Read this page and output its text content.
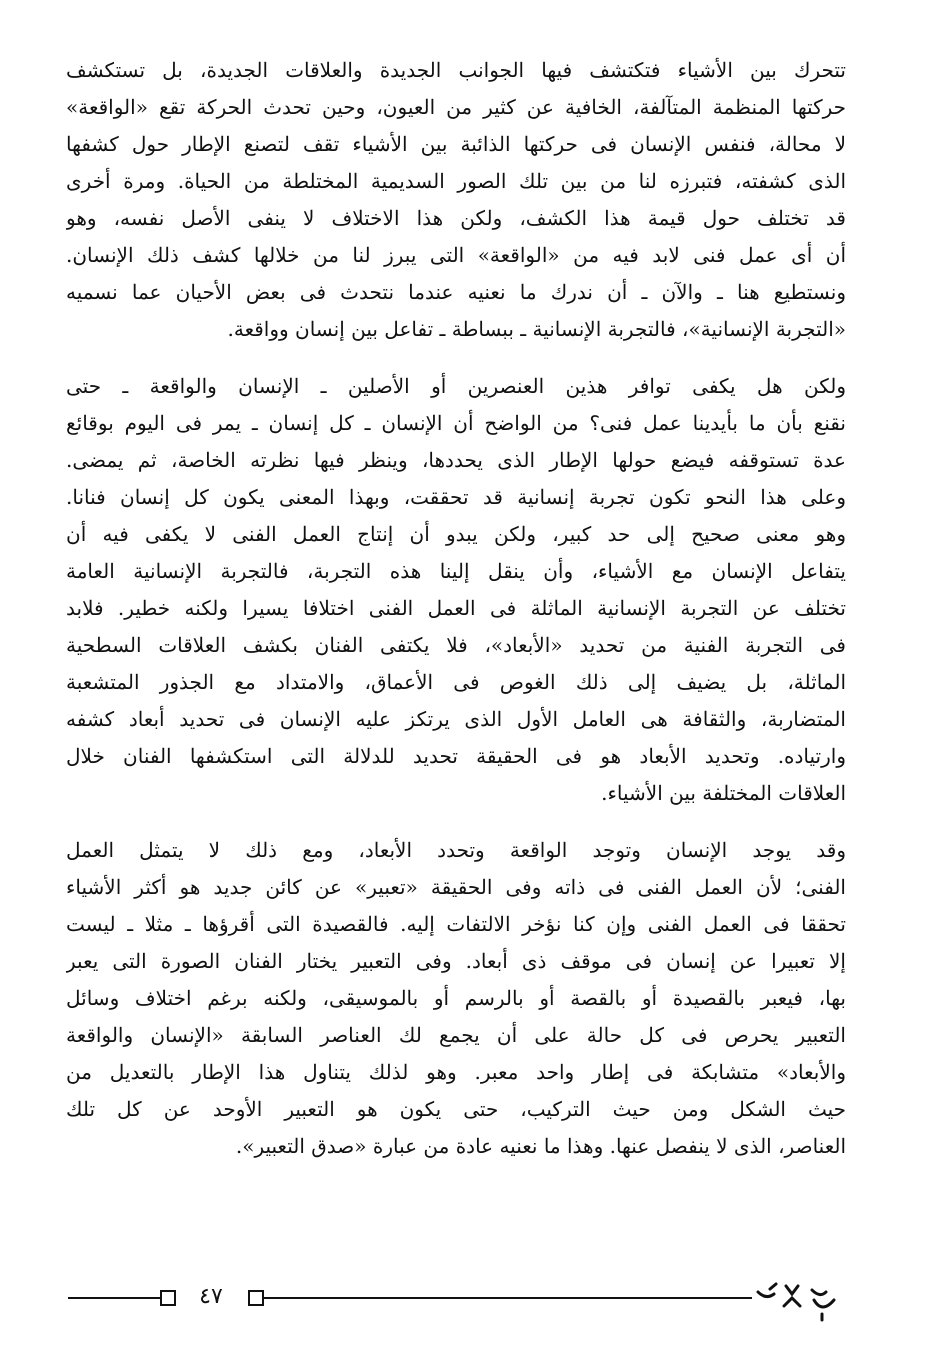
تتحرك بين الأشياء فتكتشف فيها الجوانب الجديدة والعلاقات الجديدة، بل تستكشف
حركتها المنظمة المتآلفة، الخافية عن كثير من العيون، وحين تحدث الحركة تقع «الواقعة»
لا محالة، فنفس الإنسان فى حركتها الذائبة بين الأشياء تقف لتصنع الإطار حول كشفها
الذى كشفته، فتبرزه لنا من بين تلك الصور السديمية المختلطة من الحياة. ومرة أخرى
قد تختلف حول قيمة هذا الكشف، ولكن هذا الاختلاف لا ينفى الأصل نفسه، وهو
أن أى عمل فنى لابد فيه من «الواقعة» التى يبرز لنا من خلالها كشف ذلك الإنسان.
ونستطيع هنا ـ والآن ـ أن ندرك ما نعنيه عندما نتحدث فى بعض الأحيان عما نسميه
«التجربة الإنسانية»، فالتجربة الإنسانية ـ ببساطة ـ تفاعل بين إنسان وواقعة.
ولكن هل يكفى توافر هذين العنصرين أو الأصلين ـ الإنسان والواقعة ـ حتى
نقنع بأن ما بأيدينا عمل فنى؟ من الواضح أن الإنسان ـ كل إنسان ـ يمر فى اليوم بوقائع
عدة تستوقفه فيضع حولها الإطار الذى يحددها، وينظر فيها نظرته الخاصة، ثم يمضى.
وعلى هذا النحو تكون تجربة إنسانية قد تحققت، وبهذا المعنى يكون كل إنسان فنانا.
وهو معنى صحيح إلى حد كبير، ولكن يبدو أن إنتاج العمل الفنى لا يكفى فيه أن
يتفاعل الإنسان مع الأشياء، وأن ينقل إلينا هذه التجربة، فالتجربة الإنسانية العامة
تختلف عن التجربة الإنسانية الماثلة فى العمل الفنى اختلافا يسيرا ولكنه خطير. فلابد
فى التجربة الفنية من تحديد «الأبعاد»، فلا يكتفى الفنان بكشف العلاقات السطحية
الماثلة، بل يضيف إلى ذلك الغوص فى الأعماق، والامتداد مع الجذور المتشعبة
المتضاربة، والثقافة هى العامل الأول الذى يرتكز عليه الإنسان فى تحديد أبعاد كشفه
وارتياده. وتحديد الأبعاد هو فى الحقيقة تحديد للدلالة التى استكشفها الفنان خلال
العلاقات المختلفة بين الأشياء.
وقد يوجد الإنسان وتوجد الواقعة وتحدد الأبعاد، ومع ذلك لا يتمثل العمل
الفنى؛ لأن العمل الفنى فى ذاته وفى الحقيقة «تعبير» عن كائن جديد هو أكثر الأشياء
تحققا فى العمل الفنى وإن كنا نؤخر الالتفات إليه. فالقصيدة التى أقرؤها ـ مثلا ـ ليست
إلا تعبيرا عن إنسان فى موقف ذى أبعاد. وفى التعبير يختار الفنان الصورة التى يعبر
بها، فيعبر بالقصيدة أو بالقصة أو بالرسم أو بالموسيقى، ولكنه برغم اختلاف وسائل
التعبير يحرص فى كل حالة على أن يجمع لك العناصر السابقة «الإنسان والواقعة
والأبعاد» متشابكة فى إطار واحد معبر. وهو لذلك يتناول هذا الإطار بالتعديل من
حيث الشكل ومن حيث التركيب، حتى يكون هو التعبير الأوحد عن كل تلك
العناصر، الذى لا ينفصل عنها. وهذا ما نعنيه عادة من عبارة «صدق التعبير».
٤٧
